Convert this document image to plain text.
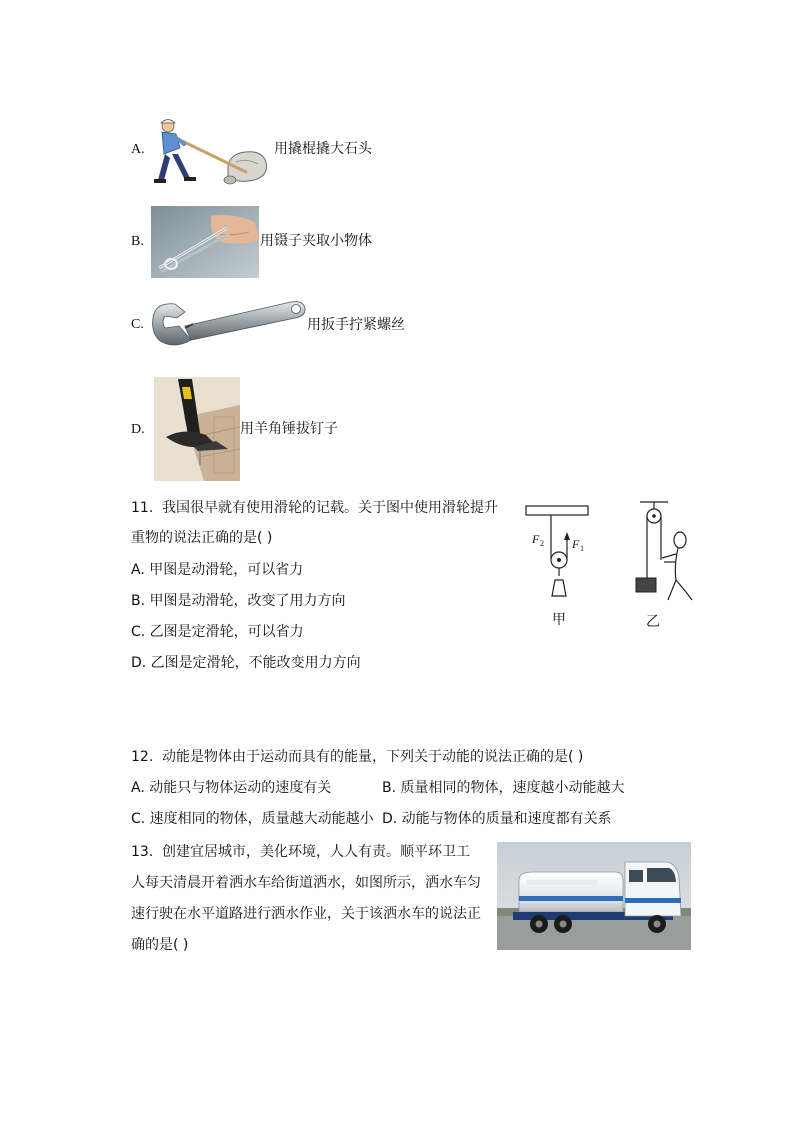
A.	用撬棍撬大石头
B.	用镊子夹取小物体
C.	用扳手拧紧螺丝
D.	用羊角锤拔钉子
11. 我国很早就有使用滑轮的记载。关于图中使用滑轮提升
重物的说法正确的是( )
A. 甲图是动滑轮，可以省力
B. 甲图是动滑轮，改变了用力方向
C. 乙图是定滑轮，可以省力
D. 乙图是定滑轮，不能改变用力方向
F 2 F 1
甲	乙
12. 动能是物体由于运动而具有的能量，下列关于动能的说法正确的是( )
A. 动能只与物体运动的速度有关	B. 质量相同的物体，速度越小动能越大
C. 速度相同的物体，质量越大动能越小 D. 动能与物体的质量和速度都有关系
13. 创建宜居城市，美化环境，人人有责。顺平环卫工
人每天清晨开着洒水车给街道洒水，如图所示，洒水车匀
速行驶在水平道路进行洒水作业，关于该洒水车的说法正
确的是( )
